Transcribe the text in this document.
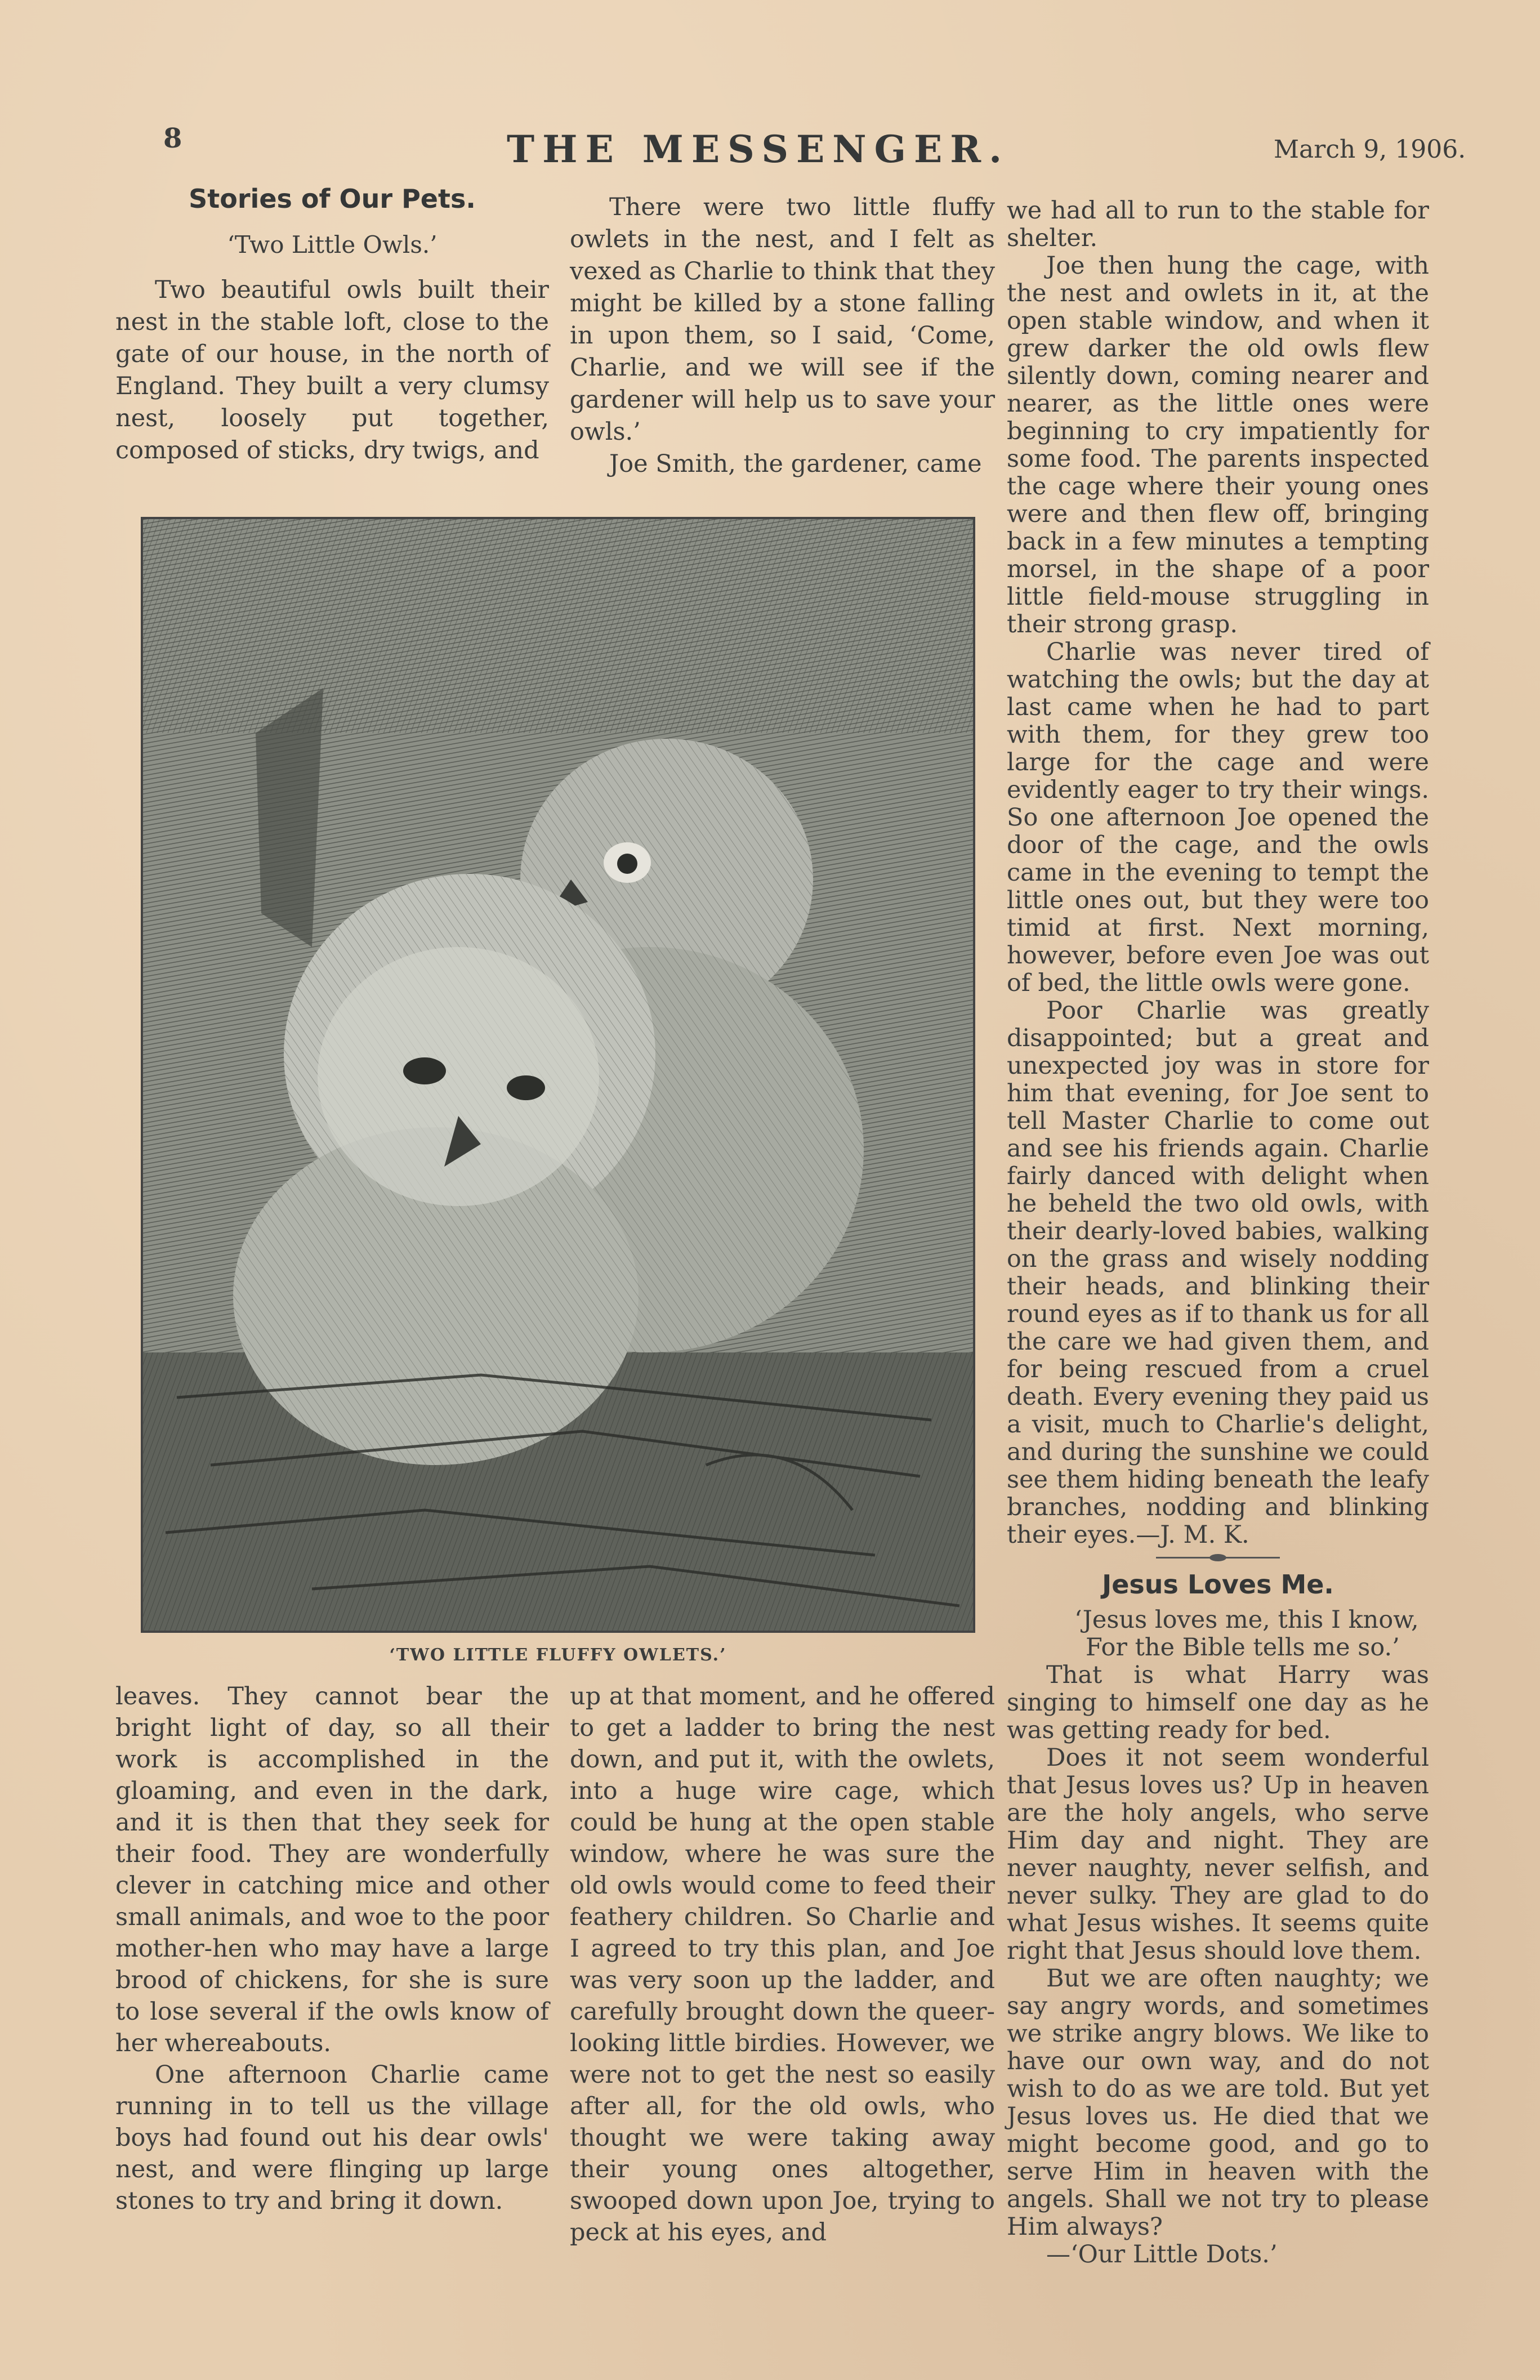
8	THE MESSENGER.	March 9, 1906.
Stories of Our Pets.
‘Two Little Owls.’

Two beautiful owls built their nest in the stable loft, close to the gate of our house, in the north of England. They built a very clumsy nest, loosely put together, composed of sticks, dry twigs, and

There were two little fluffy owlets in the nest, and I felt as vexed as Charlie to think that they might be killed by a stone falling in upon them, so I said, ‘Come, Charlie, and we will see if the gardener will help us to save your owls.’

Joe Smith, the gardener, came

we had all to run to the stable for shelter.

Joe then hung the cage, with the nest and owlets in it, at the open stable window, and when it grew darker the old owls flew silently down, coming nearer and nearer, as the little ones were beginning to cry impatiently for some food. The parents inspected the cage where their young ones were and then flew off, bringing back in a few minutes a tempting morsel, in the shape of a poor little field-mouse struggling in their strong grasp.

Charlie was never tired of watching the owls; but the day at last came when he had to part with them, for they grew too large for the cage and were evidently eager to try their wings. So one afternoon Joe opened the door of the cage, and the owls came in the evening to tempt the little ones out, but they were too timid at first. Next morning, however, before even Joe was out of bed, the little owls were gone.

Poor Charlie was greatly disappointed; but a great and unexpected joy was in store for him that evening, for Joe sent to tell Master Charlie to come out and see his friends again. Charlie fairly danced with delight when he beheld the two old owls, with their dearly-loved babies, walking on the grass and wisely nodding their heads, and blinking their round eyes as if to thank us for all the care we had given them, and for being rescued from a cruel death. Every evening they paid us a visit, much to Charlie's delight, and during the sunshine we could see them hiding beneath the leafy branches, nodding and blinking their eyes.—J. M. K.

Jesus Loves Me.

‘Jesus loves me, this I know,

For the Bible tells me so.’

That is what Harry was singing to himself one day as he was getting ready for bed.

Does it not seem wonderful that Jesus loves us? Up in heaven are the holy angels, who serve Him day and night. They are never naughty, never selfish, and never sulky. They are glad to do what Jesus wishes. It seems quite right that Jesus should love them.

But we are often naughty; we say angry words, and sometimes we strike angry blows. We like to have our own way, and do not wish to do as we are told. But yet Jesus loves us. He died that we might become good, and go to serve Him in heaven with the angels. Shall we not try to please Him always?

—‘Our Little Dots.’

‘TWO LITTLE FLUFFY OWLETS.’

leaves. They cannot bear the bright light of day, so all their work is accomplished in the gloaming, and even in the dark, and it is then that they seek for their food. They are wonderfully clever in catching mice and other small animals, and woe to the poor mother-hen who may have a large brood of chickens, for she is sure to lose several if the owls know of her whereabouts.

One afternoon Charlie came running in to tell us the village boys had found out his dear owls' nest, and were flinging up large stones to try and bring it down.

up at that moment, and he offered to get a ladder to bring the nest down, and put it, with the owlets, into a huge wire cage, which could be hung at the open stable window, where he was sure the old owls would come to feed their feathery children. So Charlie and I agreed to try this plan, and Joe was very soon up the ladder, and carefully brought down the queer-looking little birdies. However, we were not to get the nest so easily after all, for the old owls, who thought we were taking away their young ones altogether, swooped down upon Joe, trying to peck at his eyes, and
